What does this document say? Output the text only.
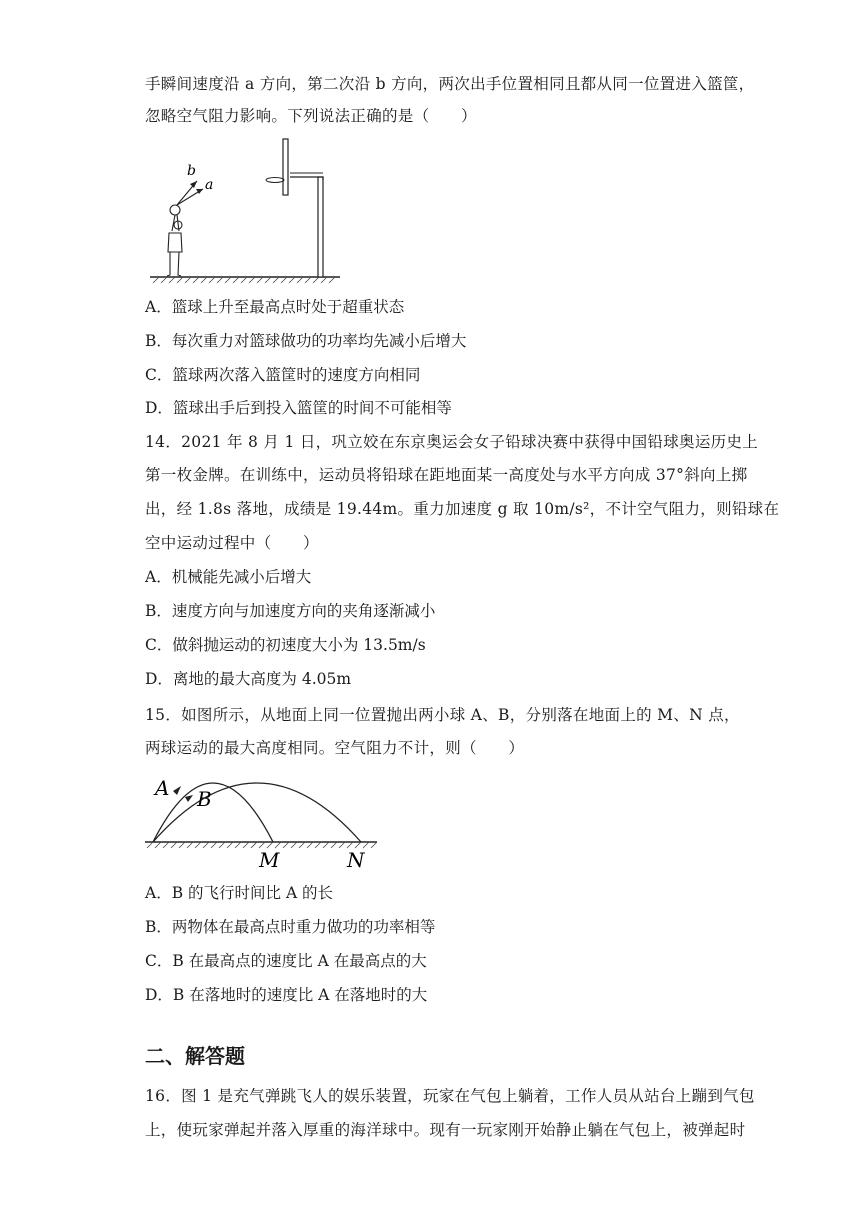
手瞬间速度沿 a 方向，第二次沿 b 方向，两次出手位置相同且都从同一位置进入篮筐，
忽略空气阻力影响。下列说法正确的是（　　）
b
a
A．篮球上升至最高点时处于超重状态
B．每次重力对篮球做功的功率均先减小后增大
C．篮球两次落入篮筐时的速度方向相同
D．篮球出手后到投入篮筐的时间不可能相等
14．2021 年 8 月 1 日，巩立姣在东京奥运会女子铅球决赛中获得中国铅球奥运历史上
第一枚金牌。在训练中，运动员将铅球在距地面某一高度处与水平方向成 37°斜向上掷
出，经 1.8s 落地，成绩是 19.44m。重力加速度 g 取 10m/s²，不计空气阻力，则铅球在
空中运动过程中（　　）
A．机械能先减小后增大
B．速度方向与加速度方向的夹角逐渐减小
C．做斜抛运动的初速度大小为 13.5m/s
D．离地的最大高度为 4.05m
15．如图所示，从地面上同一位置抛出两小球 A、B，分别落在地面上的 M、N 点，
两球运动的最大高度相同。空气阻力不计，则（　　）
A B
M	N
A．B 的飞行时间比 A 的长
B．两物体在最高点时重力做功的功率相等
C．B 在最高点的速度比 A 在最高点的大
D．B 在落地时的速度比 A 在落地时的大
二、解答题
16．图 1 是充气弹跳飞人的娱乐装置，玩家在气包上躺着，工作人员从站台上蹦到气包
上，使玩家弹起并落入厚重的海洋球中。现有一玩家刚开始静止躺在气包上，被弹起时
